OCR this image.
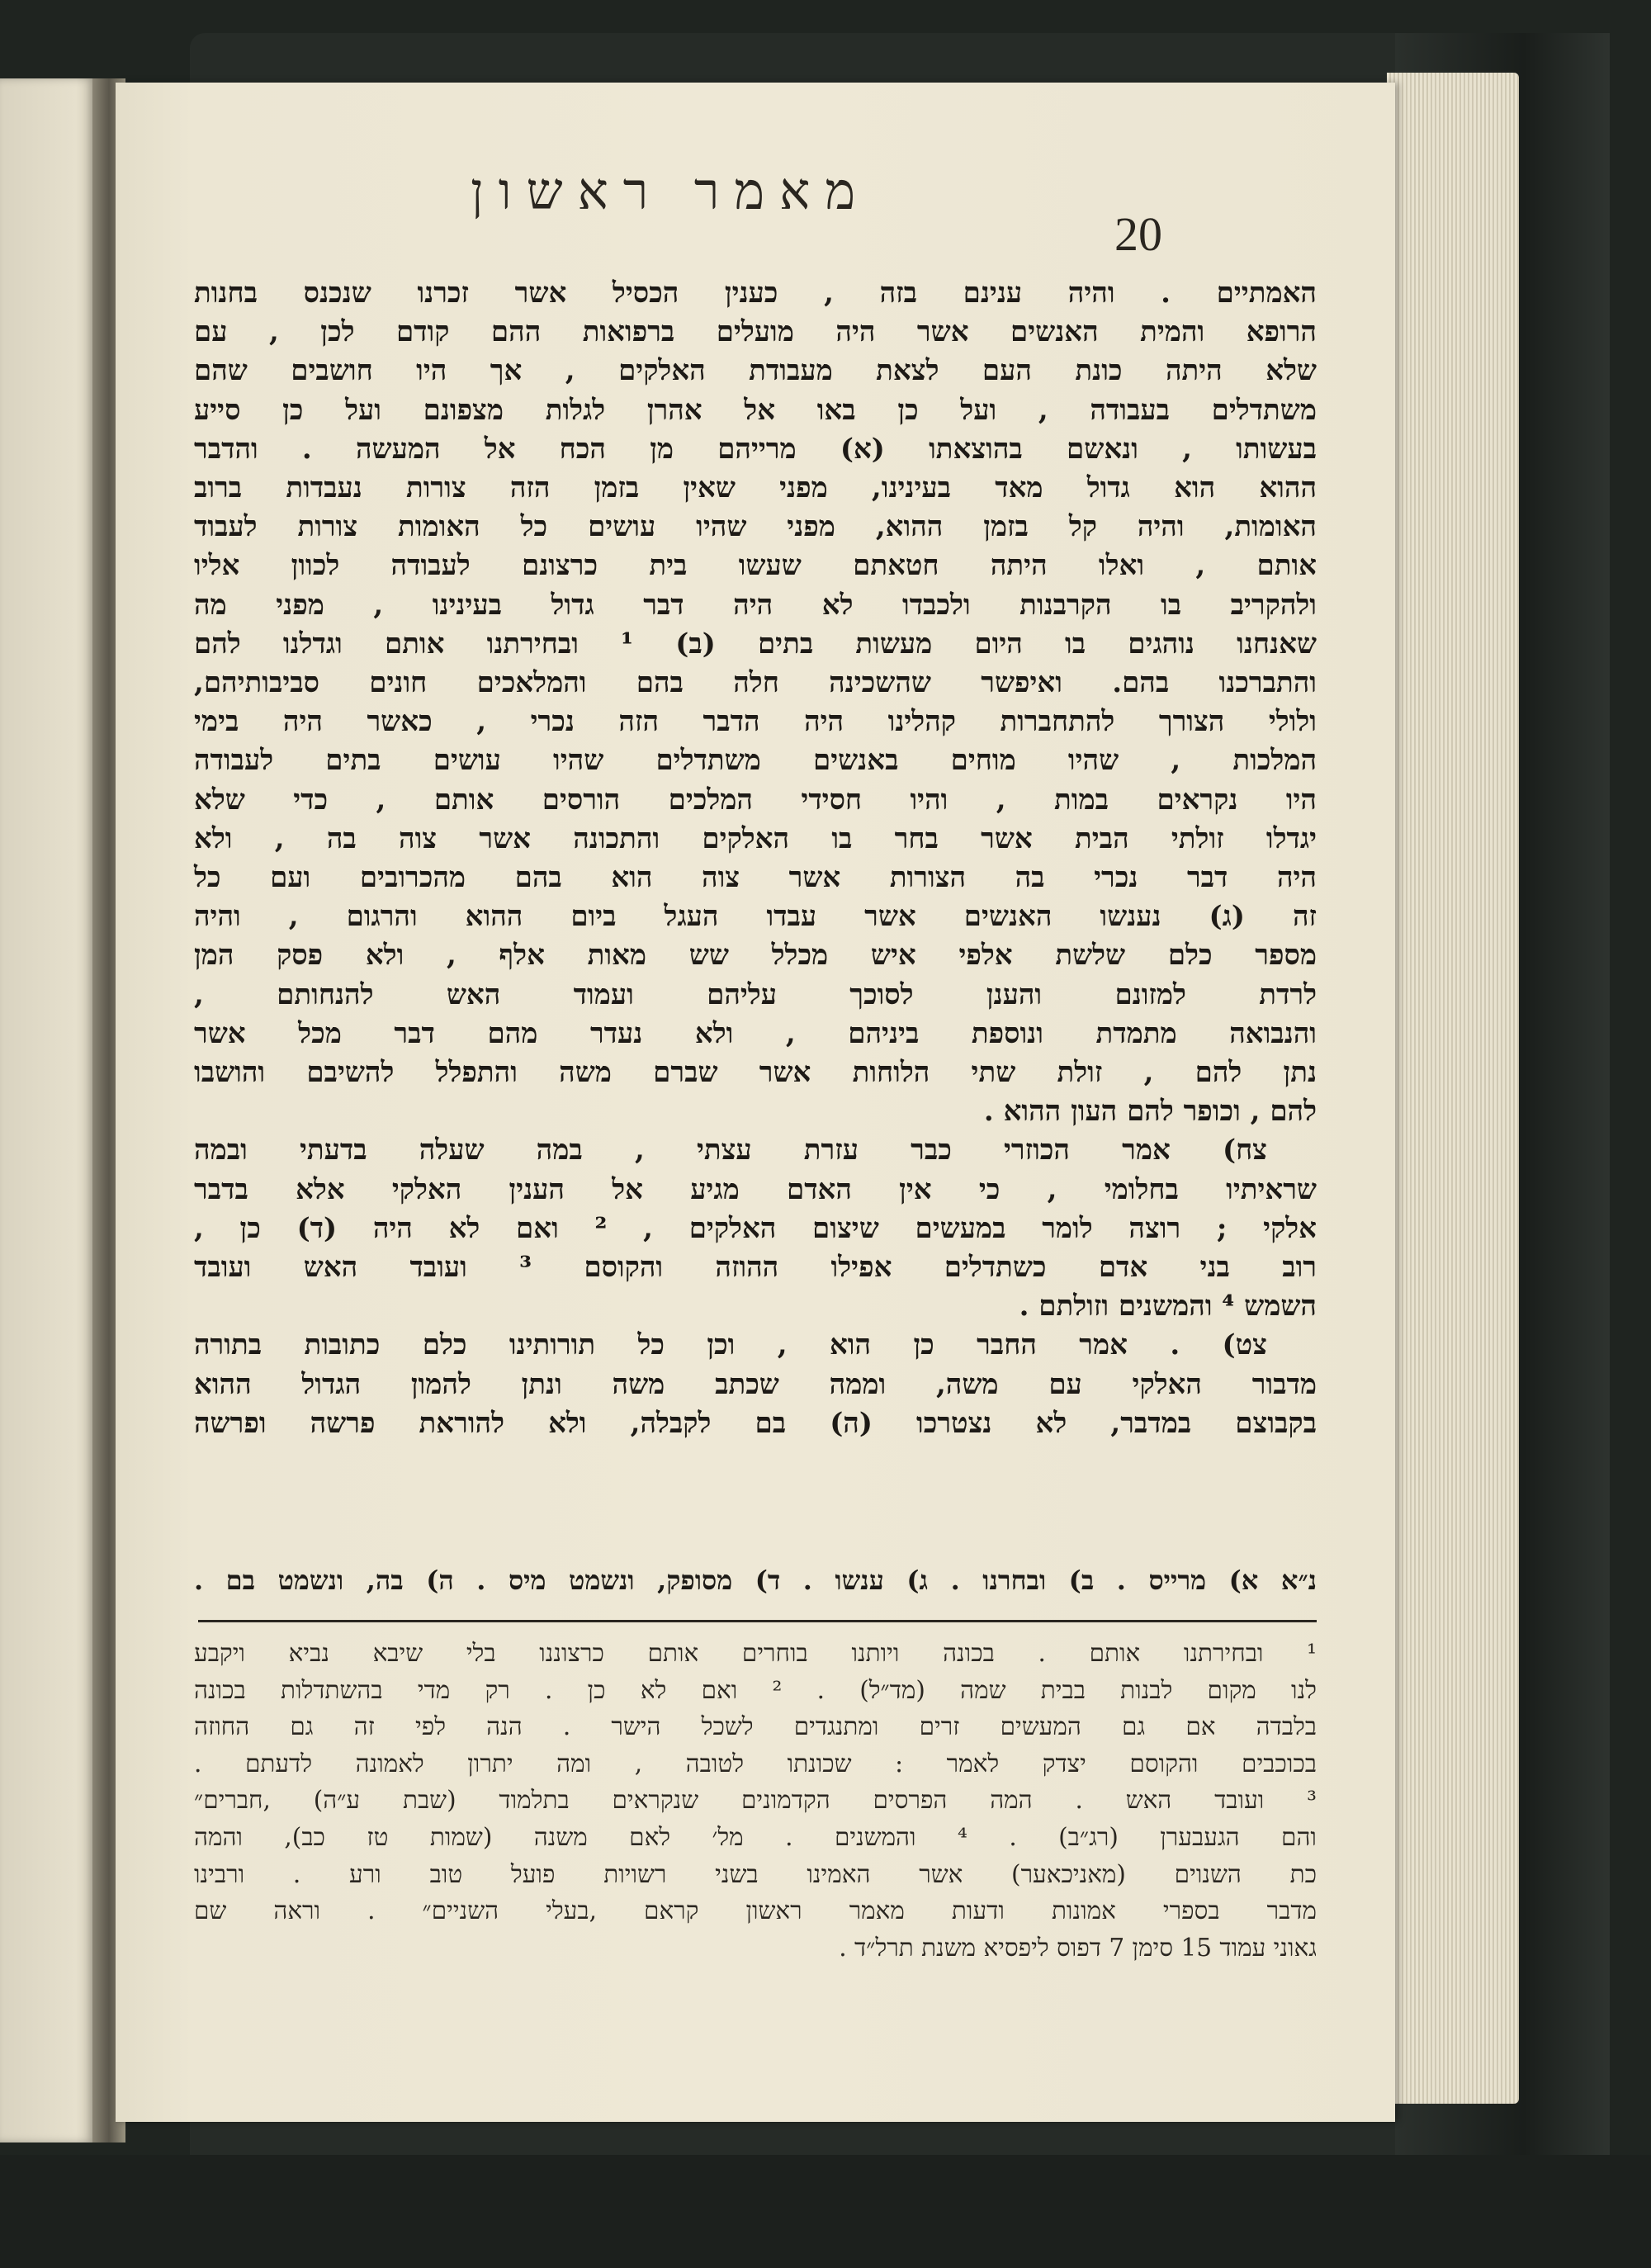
מאמר ראשון
20

האמתיים . והיה ענינם בזה , כענין הכסיל אשר זכרנו שנכנס בחנות

הרופא והמית האנשים אשר היה מועלים ברפואות ההם קודם לכן , עם

שלא היתה כונת העם לצאת מעבודת האלקים , אך היו חושבים שהם

משתדלים בעבודה , ועל כן באו אל אהרן לגלות מצפונם ועל כן סייע

בעשותו , ונאשם בהוצאתו (א) מרייהם מן הכח אל המעשה . והדבר

ההוא הוא גדול מאד בעינינו, מפני שאין בזמן הזה צורות נעבדות ברוב

האומות, והיה קל בזמן ההוא, מפני שהיו עושים כל האומות צורות לעבוד

אותם , ואלו היתה חטאתם שעשו בית כרצונם לעבודה לכוון אליו

ולהקריב בו הקרבנות ולכבדו לא היה דבר גדול בעינינו , מפני מה

שאנחנו נוהגים בו היום מעשות בתים (ב) ¹ ובחירתנו אותם וגדלנו להם

והתברכנו בהם. ואיפשר שהשכינה חלה בהם והמלאכים חונים סביבותיהם,

ולולי הצורך להתחברות קהלינו היה הדבר הזה נכרי , כאשר היה בימי

המלכות , שהיו מוחים באנשים משתדלים שהיו עושים בתים לעבודה

היו נקראים במות , והיו חסידי המלכים הורסים אותם , כדי שלא

יגדלו זולתי הבית אשר בחר בו האלקים והתכונה אשר צוה בה , ולא

היה דבר נכרי בה הצורות אשר צוה הוא בהם מהכרובים ועם כל

זה (ג) נענשו האנשים אשר עבדו העגל ביום ההוא והרגום , והיה

מספר כלם שלשת אלפי איש מכלל שש מאות אלף , ולא פסק המן

לרדת למזונם והענן לסוכך עליהם ועמוד האש להנחותם ,

והנבואה מתמדת ונוספת ביניהם , ולא נעדר מהם דבר מכל אשר

נתן להם , זולת שתי הלוחות אשר שברם משה והתפלל להשיבם והושבו

להם , וכופר להם העון ההוא .

צח) אמר הכוזרי כבר עזרת עצתי , במה שעלה בדעתי ובמה

שראיתיו בחלומי , כי אין האדם מגיע אל הענין האלקי אלא בדבר

אלקי ; רוצה לומר במעשים שיצום האלקים , ² ואם לא היה (ד) כן ,

רוב בני אדם כשתדלים אפילו ההוזה והקוסם ³ ועובד האש ועובד

השמש ⁴ והמשנים וזולתם .

צט) . אמר החבר כן הוא , וכן כל תורותינו כלם כתובות בתורה

מדבור האלקי עם משה, וממה שכתב משה ונתן להמון הגדול ההוא

בקבוצם במדבר, לא נצטרכו (ה) בם לקבלה, ולא להוראת פרשה ופרשה

נ״א א) מרייס . ב) ובחרנו . ג) ענשו . ד) מסופק, ונשמט מיס . ה) בה, ונשמט בם .

¹ ובחירתנו אותם . בכונה ויותנו בוחרים אותם כרצוננו בלי שיבא נביא ויקבע

לנו מקום לבנות בבית שמה (מד״ל) . ² ואם לא כן . רק מדי בהשתדלות בכונה

בלבדה אם גם המעשים זרים ומתנגדים לשכל הישר . הנה לפי זה גם החוזה

בכוכבים והקוסם יצדק לאמר : שכונתו לטובה , ומה יתרון לאמונה לדעתם .

³ ועובד האש . המה הפרסים הקדמונים שנקראים בתלמוד (שבת ע״ה) ,חברים״

והם הגעבערן (רג״ב) . ⁴ והמשנים . מל׳ לאם משנה (שמות טז כב), והמה

כת השנוים (מאניכאער) אשר האמינו בשני רשויות פועל טוב ורע . ורבינו

מדבר בספרי אמונות ודעות מאמר ראשון קראם ,בעלי השניים״ . וראה שם

גאוני עמוד 15 סימן 7 דפוס ליפסיא משנת תרל״ד .
